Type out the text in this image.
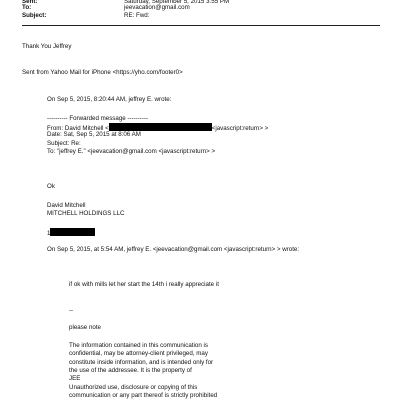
Sent:	Saturday, September 5, 2015 3:55 PM
To:	jeevacation@gmail.com
Subject:	RE: Fwd:
Thank You Jeffrey
Sent from Yahoo Mail for iPhone <https://yho.com/footer0>
On Sep 5, 2015, 8:20:44 AM, jeffrey E. wrote:
---------- Forwarded message ----------
From: David Mitchell <	<javascript:return> >
Date: Sat, Sep 5, 2015 at 8:06 AM
Subject: Re:
To: "jeffrey E." <jeevacation@gmail.com <javascript:return> >
Ok
David Mitchell
MITCHELL HOLDINGS LLC
1
On Sep 5, 2015, at 5:54 AM, jeffrey E. <jeevacation@gmail.com <javascript:return> > wrote:
if ok with mills let her start the 14th i really appreciate it
--
please note
The information contained in this communication is
confidential, may be attorney-client privileged, may
constitute inside information, and is intended only for
the use of the addressee. It is the property of
JEE
Unauthorized use, disclosure or copying of this
communication or any part thereof is strictly prohibited
